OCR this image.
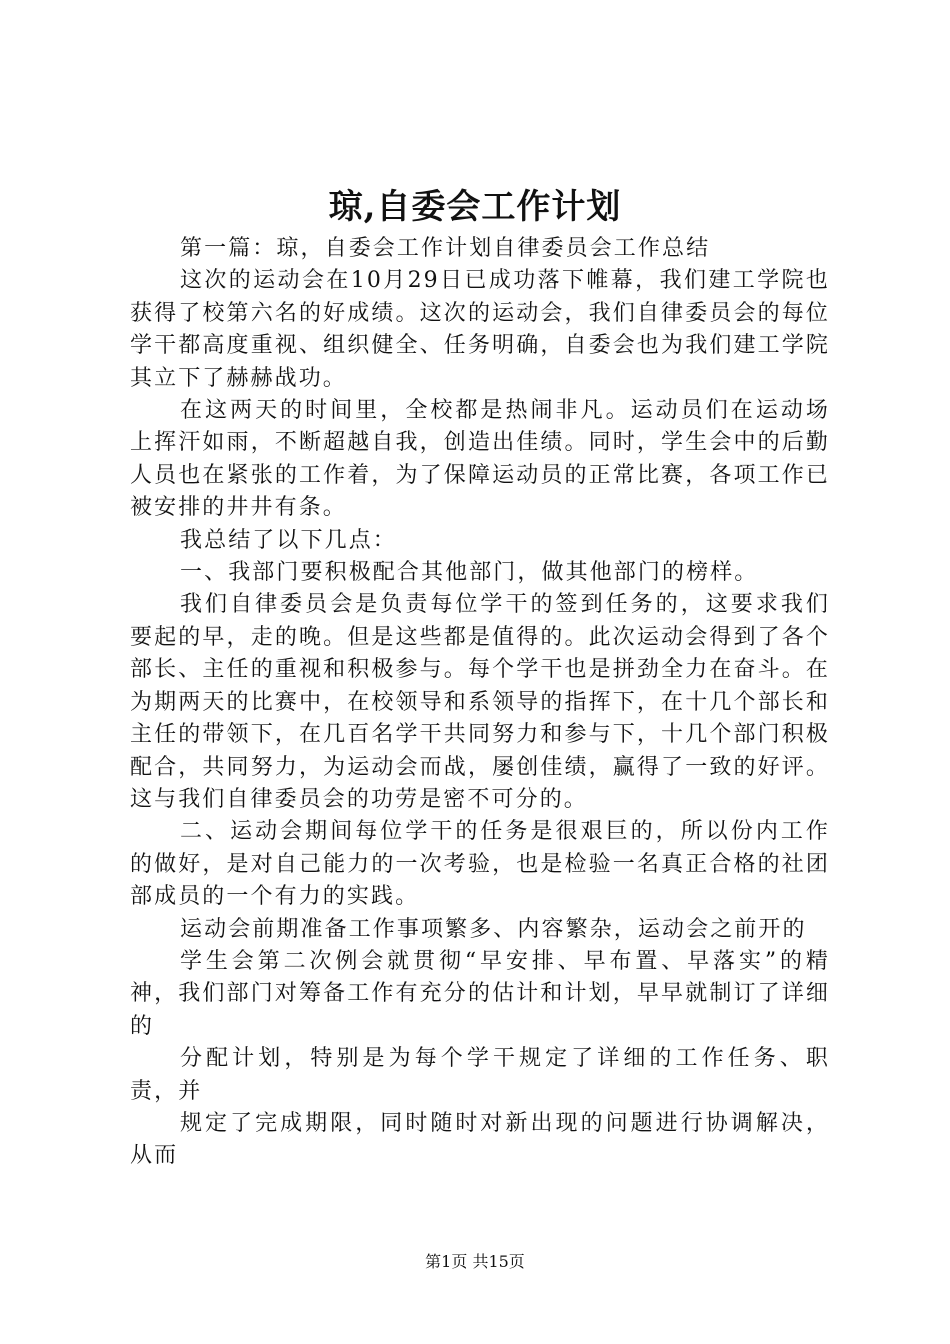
琼,自委会工作计划

第一篇：琼，自委会工作计划自律委员会工作总结

这次的运动会在10月29日已成功落下帷幕，我们建工学院也获得了校第六名的好成绩。这次的运动会，我们自律委员会的每位学干都高度重视、组织健全、任务明确，自委会也为我们建工学院其立下了赫赫战功。

在这两天的时间里，全校都是热闹非凡。运动员们在运动场上挥汗如雨，不断超越自我，创造出佳绩。同时，学生会中的后勤人员也在紧张的工作着，为了保障运动员的正常比赛，各项工作已被安排的井井有条。

我总结了以下几点：

一、我部门要积极配合其他部门，做其他部门的榜样。

我们自律委员会是负责每位学干的签到任务的，这要求我们要起的早，走的晚。但是这些都是值得的。此次运动会得到了各个部长、主任的重视和积极参与。每个学干也是拼劲全力在奋斗。在为期两天的比赛中，在校领导和系领导的指挥下，在十几个部长和主任的带领下，在几百名学干共同努力和参与下，十几个部门积极配合，共同努力，为运动会而战，屡创佳绩，赢得了一致的好评。这与我们自律委员会的功劳是密不可分的。

二、运动会期间每位学干的任务是很艰巨的，所以份内工作的做好，是对自己能力的一次考验，也是检验一名真正合格的社团部成员的一个有力的实践。

运动会前期准备工作事项繁多、内容繁杂，运动会之前开的

学生会第二次例会就贯彻“早安排、早布置、早落实”的精神，我们部门对筹备工作有充分的估计和计划，早早就制订了详细的

分配计划，特别是为每个学干规定了详细的工作任务、职责，并

规定了完成期限，同时随时对新出现的问题进行协调解决，从而

第1页 共15页
